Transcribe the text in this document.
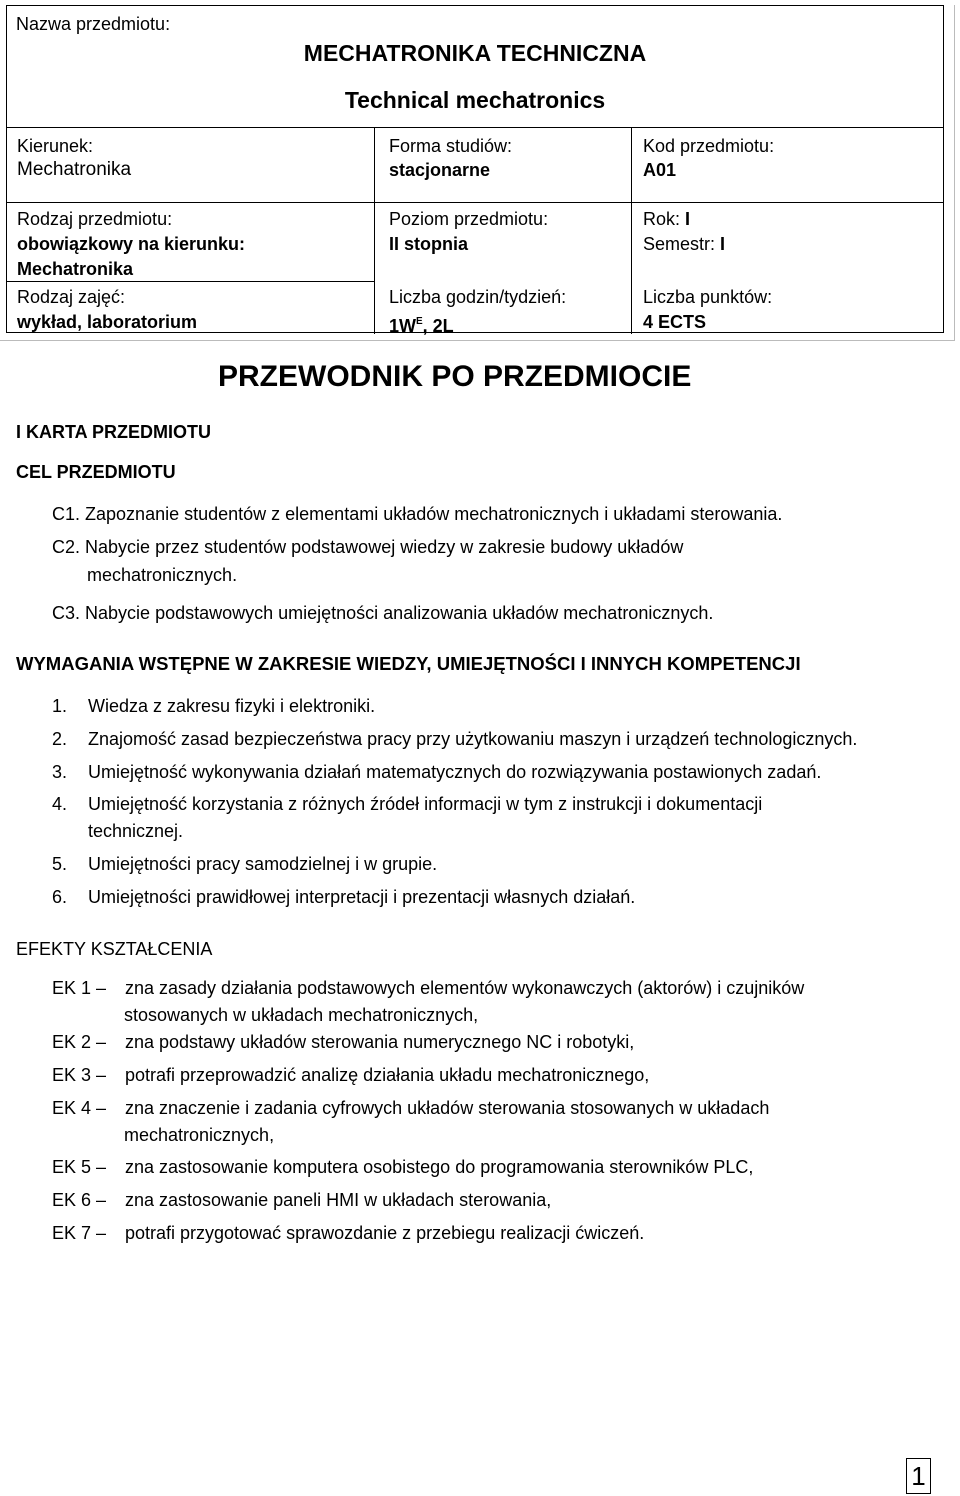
Nazwa przedmiotu:
MECHATRONIKA TECHNICZNA
Technical mechatronics
Kierunek:
Mechatronika
Forma studiów:
stacjonarne
Kod przedmiotu:
A01
Rodzaj przedmiotu:
obowiązkowy na kierunku:
Mechatronika
Rodzaj zajęć:
wykład, laboratorium
Poziom przedmiotu:
II stopnia
Liczba godzin/tydzień:
$1W^E$, 2L
Rok: I
Semestr: I
Liczba punktów:
4 ECTS
PRZEWODNIK PO PRZEDMIOCIE
I KARTA PRZEDMIOTU
CEL PRZEDMIOTU
C1. Zapoznanie studentów z elementami układów mechatronicznych i układami sterowania.
C2. Nabycie przez studentów podstawowej wiedzy w zakresie budowy układów
mechatronicznych.
C3. Nabycie podstawowych umiejętności analizowania układów mechatronicznych.
WYMAGANIA WSTĘPNE W ZAKRESIE WIEDZY, UMIEJĘTNOŚCI I INNYCH KOMPETENCJI
1. Wiedza z zakresu fizyki i elektroniki.
2. Znajomość zasad bezpieczeństwa pracy przy użytkowaniu maszyn i urządzeń technologicznych.
3. Umiejętność wykonywania działań matematycznych do rozwiązywania postawionych zadań.
4. Umiejętność korzystania z różnych źródeł informacji w tym z instrukcji i dokumentacji
technicznej.
5. Umiejętności pracy samodzielnej i w grupie.
6. Umiejętności prawidłowej interpretacji i prezentacji własnych działań.
EFEKTY KSZTAŁCENIA
EK 1 – zna zasady działania podstawowych elementów wykonawczych (aktorów) i czujników
stosowanych w układach mechatronicznych,
EK 2 – zna podstawy układów sterowania numerycznego NC i robotyki,
EK 3 – potrafi przeprowadzić analizę działania układu mechatronicznego,
EK 4 – zna znaczenie i zadania cyfrowych układów sterowania stosowanych w układach
mechatronicznych,
EK 5 – zna zastosowanie komputera osobistego do programowania sterowników PLC,
EK 6 – zna zastosowanie paneli HMI w układach sterowania,
EK 7 – potrafi przygotować sprawozdanie z przebiegu realizacji ćwiczeń.
1
